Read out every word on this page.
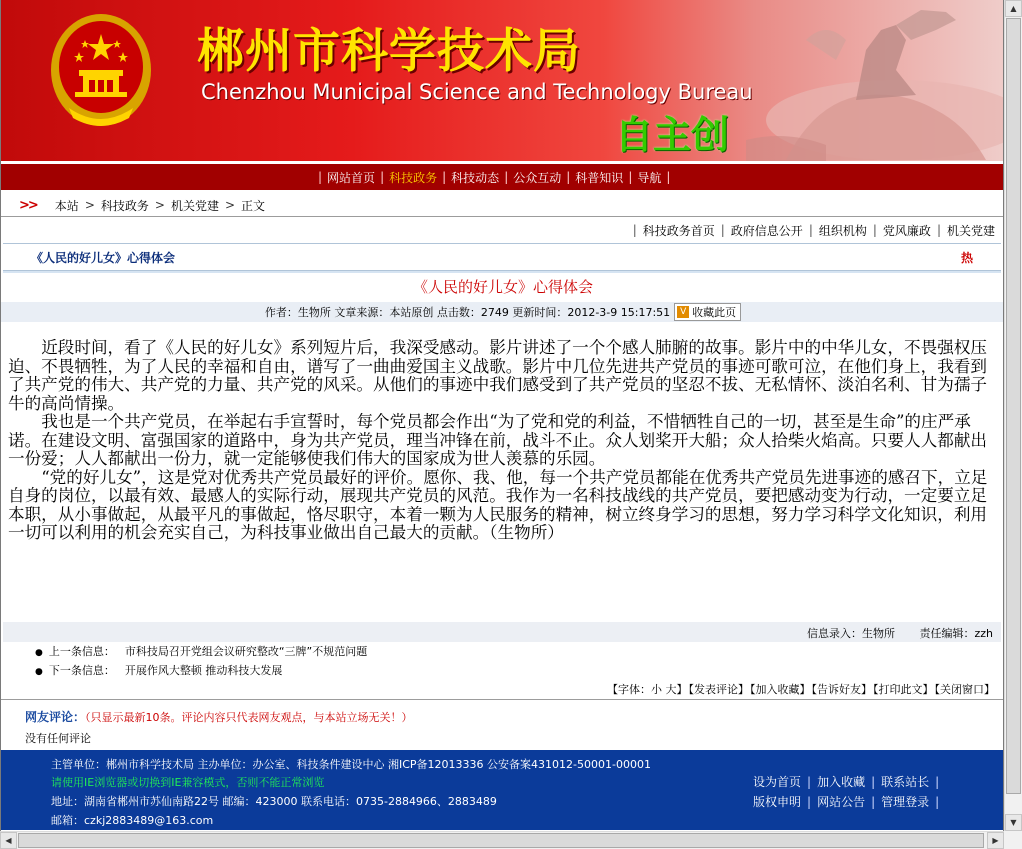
郴州市科学技术局
Chenzhou Municipal Science and Technology Bureau
自主创
| 网站首页 | 科技政务 | 科技动态 | 公众互动 | 科普知识 | 导航 |
>> 本站 > 科技政务 > 机关党建 > 正文
| 科技政务首页 | 政府信息公开 | 组织机构 | 党风廉政 | 机关党建
《人民的好儿女》心得体会	热
《人民的好儿女》心得体会
作者： 生物所
文章来源： 本站原创
点击数： 2749
更新时间： 2012-3-9 15:17:51	V 收藏此页

近段时间，看了《人民的好儿女》系列短片后，我深受感动。影片讲述了一个个感人肺腑的故事。影片中的中华儿女，不畏强权压迫、不畏牺牲，为了人民的幸福和自由，谱写了一曲曲爱国主义战歌。影片中几位先进共产党员的事迹可歌可泣，在他们身上，我看到了共产党的伟大、共产党的力量、共产党的风采。从他们的事迹中我们感受到了共产党员的坚忍不拔、无私情怀、淡泊名利、甘为孺子牛的高尚情操。

我也是一个共产党员，在举起右手宣誓时，每个党员都会作出“为了党和党的利益，不惜牺牲自己的一切，甚至是生命”的庄严承诺。在建设文明、富强国家的道路中，身为共产党员，理当冲锋在前，战斗不止。众人划桨开大船；众人拾柴火焰高。只要人人都献出一份爱；人人都献出一份力，就一定能够使我们伟大的国家成为世人羡慕的乐园。

“党的好儿女”，这是党对优秀共产党员最好的评价。愿你、我、他，每一个共产党员都能在优秀共产党员先进事迹的感召下，立足自身的岗位，以最有效、最感人的实际行动，展现共产党员的风范。我作为一名科技战线的共产党员，要把感动变为行动，一定要立足本职，从小事做起，从最平凡的事做起，恪尽职守，本着一颗为人民服务的精神，树立终身学习的思想，努力学习科学文化知识，利用一切可以利用的机会充实自己，为科技事业做出自己最大的贡献。（生物所）

信息录入：生物所 责任编辑：zzh
● 上一条信息： 市科技局召开党组会议研究整改“三牌”不规范问题
● 下一条信息： 开展作风大整顿 推动科技大发展
【字体：小 大】【发表评论】【加入收藏】【告诉好友】【打印此文】【关闭窗口】
网友评论：（只显示最新10条。评论内容只代表网友观点，与本站立场无关！）
没有任何评论
主管单位：郴州市科学技术局 主办单位：办公室、科技条件建设中心 湘ICP备12013336 公安备案431012-50001-00001
请使用IE浏览器或切换到IE兼容模式，否则不能正常浏览
地址：湖南省郴州市苏仙南路22号 邮编：423000 联系电话：0735-2884966、2883489
邮箱：czkj2883489@163.com
设为首页 | 加入收藏 | 联系站长 |
版权申明 | 网站公告 | 管理登录 |
▲
▼
◀	▶
